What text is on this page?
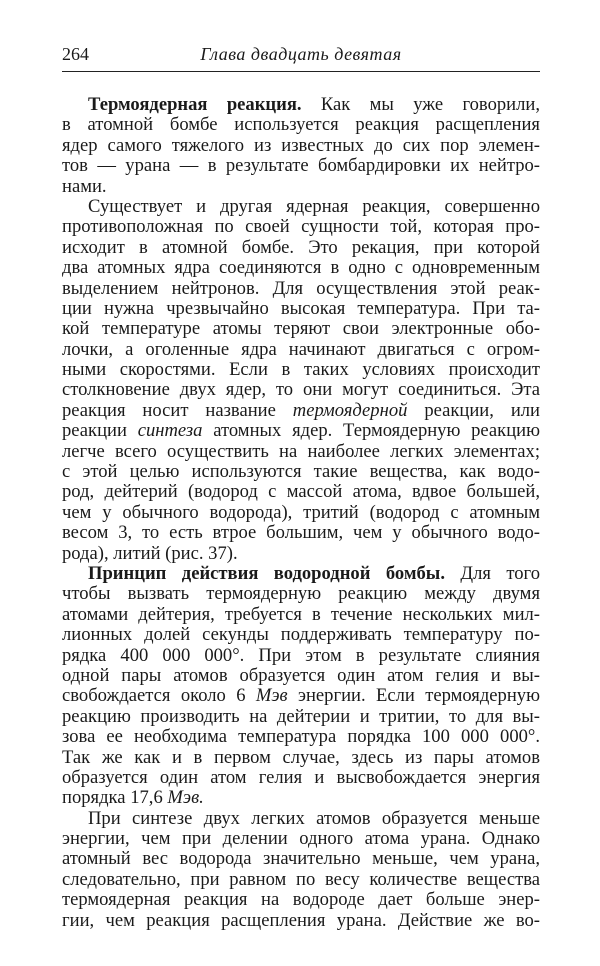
264	Глава двадцать девятая
Термоядерная реакция. Как мы уже говорили,
в атомной бомбе используется реакция расщепления
ядер самого тяжелого из известных до сих пор элемен-
тов — урана — в результате бомбардировки их нейтро-
нами.
Существует и другая ядерная реакция, совершенно
противоположная по своей сущности той, которая про-
исходит в атомной бомбе. Это рекация, при которой
два атомных ядра соединяются в одно с одновременным
выделением нейтронов. Для осуществления этой реак-
ции нужна чрезвычайно высокая температура. При та-
кой температуре атомы теряют свои электронные обо-
лочки, а оголенные ядра начинают двигаться с огром-
ными скоростями. Если в таких условиях происходит
столкновение двух ядер, то они могут соединиться. Эта
реакция носит название термоядерной реакции, или
реакции синтеза атомных ядер. Термоядерную реакцию
легче всего осуществить на наиболее легких элементах;
с этой целью используются такие вещества, как водо-
род, дейтерий (водород с массой атома, вдвое большей,
чем у обычного водорода), тритий (водород с атомным
весом 3, то есть втрое большим, чем у обычного водо-
рода), литий (рис. 37).
Принцип действия водородной бомбы. Для того
чтобы вызвать термоядерную реакцию между двумя
атомами дейтерия, требуется в течение нескольких мил-
лионных долей секунды поддерживать температуру по-
рядка 400 000 000°. При этом в результате слияния
одной пары атомов образуется один атом гелия и вы-
свобождается около 6 Мэв энергии. Если термоядерную
реакцию производить на дейтерии и тритии, то для вы-
зова ее необходима температура порядка 100 000 000°.
Так же как и в первом случае, здесь из пары атомов
образуется один атом гелия и высвобождается энергия
порядка 17,6 Мэв.
При синтезе двух легких атомов образуется меньше
энергии, чем при делении одного атома урана. Однако
атомный вес водорода значительно меньше, чем урана,
следовательно, при равном по весу количестве вещества
термоядерная реакция на водороде дает больше энер-
гии, чем реакция расщепления урана. Действие же во-
